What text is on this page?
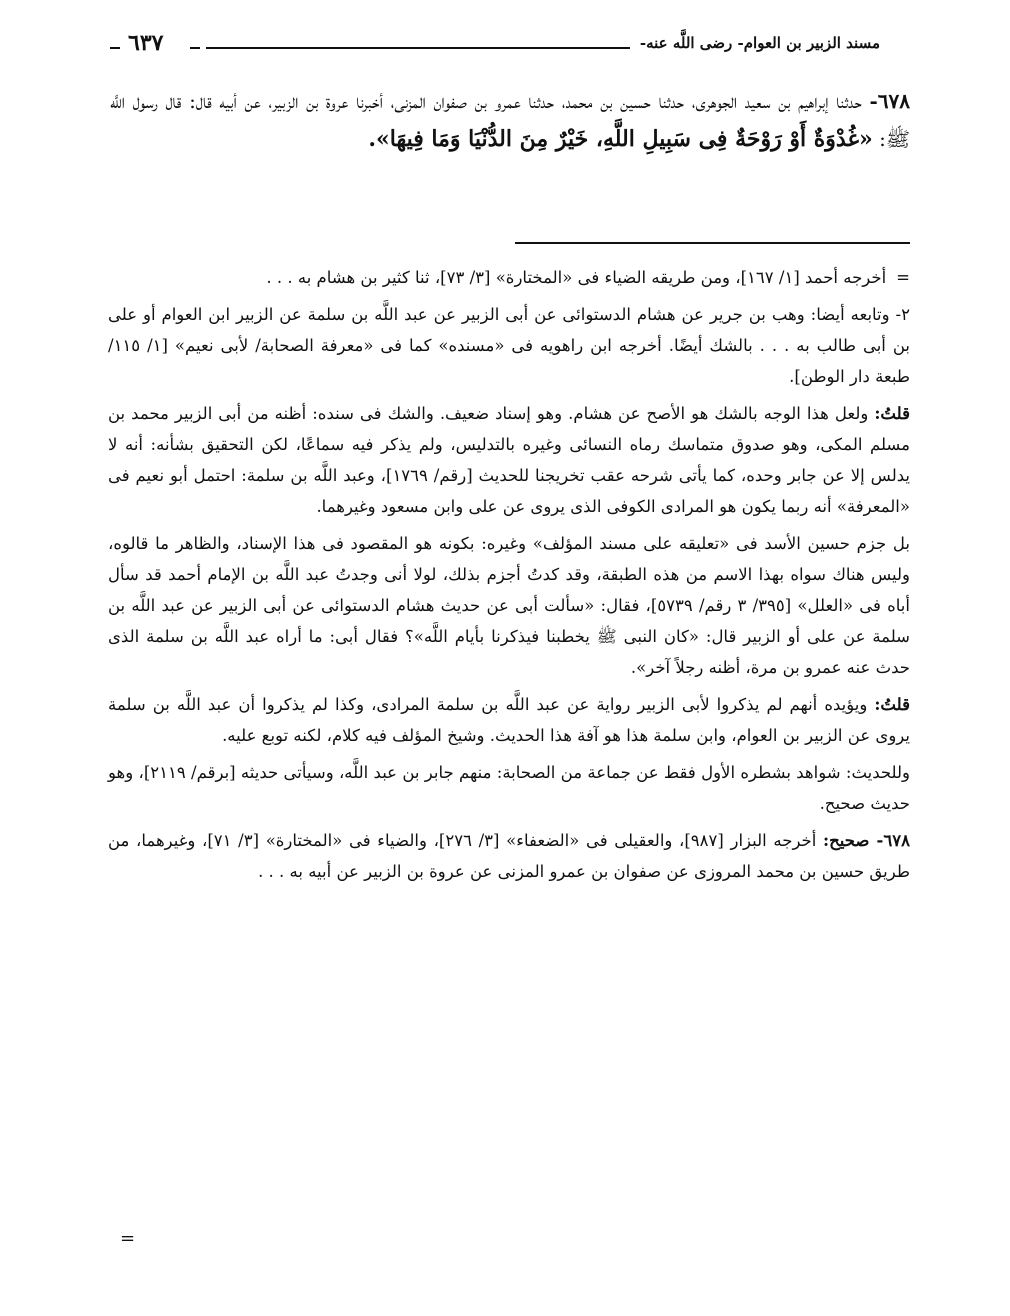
مسند الزبير بن العوام- رضى اللَّه عنه-
٦٣٧
٦٧٨- حدثنا إبراهيم بن سعيد الجوهرى، حدثنا حسين بن محمد، حدثنا عمرو بن صفوان المزنى، أخبرنا عروة بن الزبير، عن أبيه قال: قال رسول اللَّه ﷺ: «غُدْوَةٌ أَوْ رَوْحَةٌ فِى سَبِيلِ اللَّهِ، خَيْرٌ مِنَ الدُّنْيَا وَمَا فِيهَا».

=أخرجه أحمد [١/ ١٦٧]، ومن طريقه الضياء فى «المختارة» [٣/ ٧٣]، ثنا كثير بن هشام به . . .

٢- وتابعه أيضا: وهب بن جرير عن هشام الدستوائى عن أبى الزبير عن عبد اللَّه بن سلمة عن الزبير ابن العوام أو على بن أبى طالب به . . . بالشك أيضًا. أخرجه ابن راهويه فى «مسنده» كما فى «معرفة الصحابة/ لأبى نعيم» [١/ ١١٥/ طبعة دار الوطن].

قلتُ: ولعل هذا الوجه بالشك هو الأصح عن هشام. وهو إسناد ضعيف. والشك فى سنده: أظنه من أبى الزبير محمد بن مسلم المكى، وهو صدوق متماسك رماه النسائى وغيره بالتدليس، ولم يذكر فيه سماعًا، لكن التحقيق بشأنه: أنه لا يدلس إلا عن جابر وحده، كما يأتى شرحه عقب تخريجنا للحديث [رقم/ ١٧٦٩]، وعبد اللَّه بن سلمة: احتمل أبو نعيم فى «المعرفة» أنه ربما يكون هو المرادى الكوفى الذى يروى عن على وابن مسعود وغيرهما.

بل جزم حسين الأسد فى «تعليقه على مسند المؤلف» وغيره: بكونه هو المقصود فى هذا الإسناد، والظاهر ما قالوه، وليس هناك سواه بهذا الاسم من هذه الطبقة، وقد كدتُ أجزم بذلك، لولا أنى وجدتُ عبد اللَّه بن الإمام أحمد قد سأل أباه فى «العلل» [٣٩٥/ ٣ رقم/ ٥٧٣٩]، فقال: «سألت أبى عن حديث هشام الدستوائى عن أبى الزبير عن عبد اللَّه بن سلمة عن على أو الزبير قال: «كان النبى ﷺ يخطبنا فيذكرنا بأيام اللَّه»؟ فقال أبى: ما أراه عبد اللَّه بن سلمة الذى حدث عنه عمرو بن مرة، أظنه رجلاً آخر».

قلتُ: ويؤيده أنهم لم يذكروا لأبى الزبير رواية عن عبد اللَّه بن سلمة المرادى، وكذا لم يذكروا أن عبد اللَّه بن سلمة يروى عن الزبير بن العوام، وابن سلمة هذا هو آفة هذا الحديث. وشيخ المؤلف فيه كلام، لكنه توبع عليه.

وللحديث: شواهد بشطره الأول فقط عن جماعة من الصحابة: منهم جابر بن عبد اللَّه، وسيأتى حديثه [برقم/ ٢١١٩]، وهو حديث صحيح.

٦٧٨- صحيح: أخرجه البزار [٩٨٧]، والعقيلى فى «الضعفاء» [٣/ ٢٧٦]، والضياء فى «المختارة» [٣/ ٧١]، وغيرهما، من طريق حسين بن محمد المروزى عن صفوان بن عمرو المزنى عن عروة بن الزبير عن أبيه به . . .

=
